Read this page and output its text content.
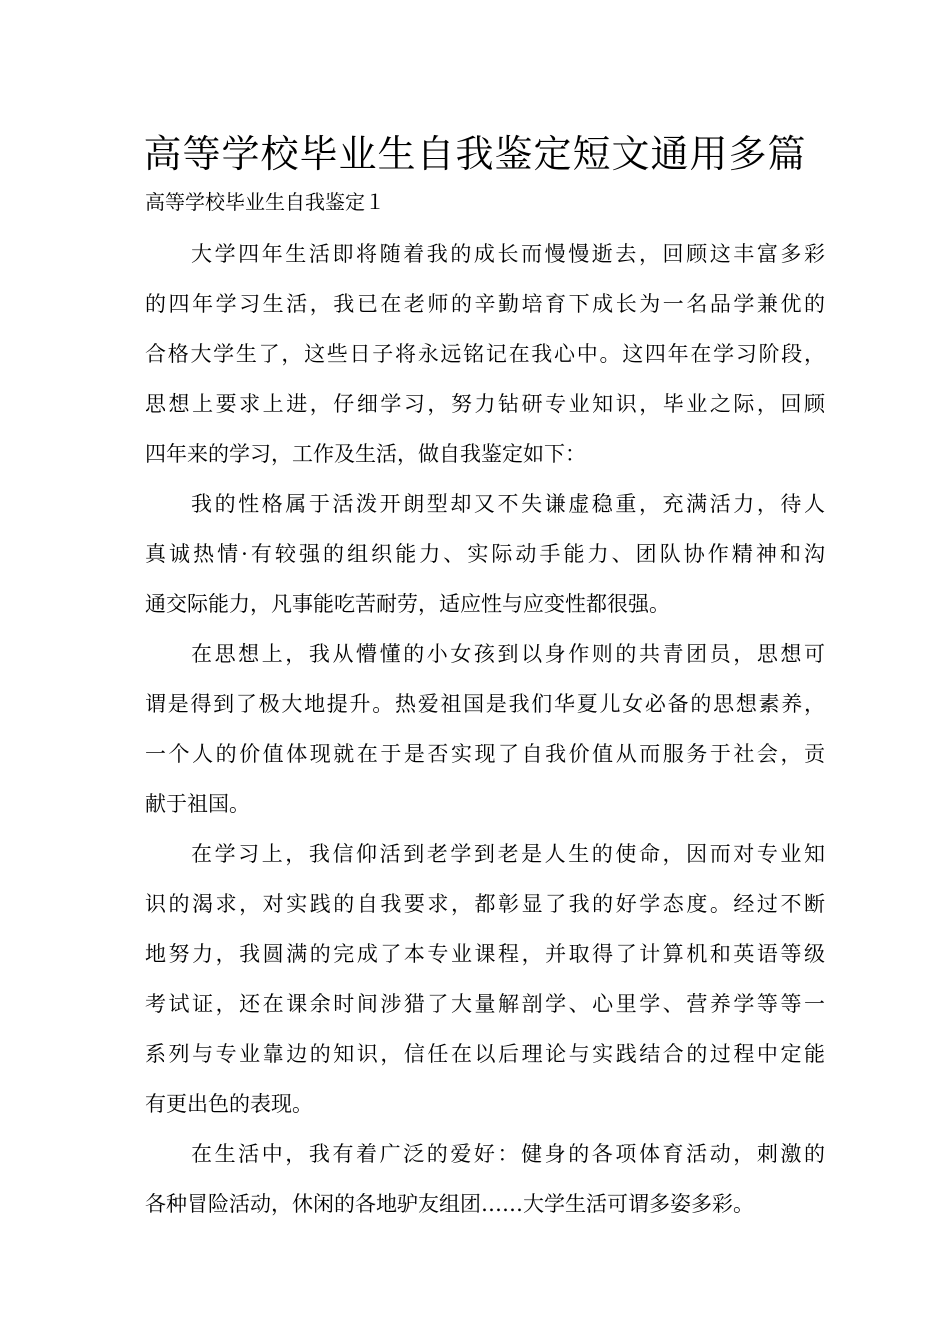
高等学校毕业生自我鉴定短文通用多篇

高等学校毕业生自我鉴定１

大学四年生活即将随着我的成长而慢慢逝去，回顾这丰富多彩
的四年学习生活，我已在老师的辛勤培育下成长为一名品学兼优的
合格大学生了，这些日子将永远铭记在我心中。这四年在学习阶段，
思想上要求上进，仔细学习，努力钻研专业知识，毕业之际，回顾
四年来的学习，工作及生活，做自我鉴定如下：
我的性格属于活泼开朗型却又不失谦虚稳重，充满活力，待人
真诚热情·有较强的组织能力、实际动手能力、团队协作精神和沟
通交际能力，凡事能吃苦耐劳，适应性与应变性都很强。
在思想上，我从懵懂的小女孩到以身作则的共青团员，思想可
谓是得到了极大地提升。热爱祖国是我们华夏儿女必备的思想素养，
一个人的价值体现就在于是否实现了自我价值从而服务于社会，贡
献于祖国。
在学习上，我信仰活到老学到老是人生的使命，因而对专业知
识的渴求，对实践的自我要求，都彰显了我的好学态度。经过不断
地努力，我圆满的完成了本专业课程，并取得了计算机和英语等级
考试证，还在课余时间涉猎了大量解剖学、心里学、营养学等等一
系列与专业靠边的知识，信任在以后理论与实践结合的过程中定能
有更出色的表现。
在生活中，我有着广泛的爱好：健身的各项体育活动，刺激的
各种冒险活动，休闲的各地驴友组团……大学生活可谓多姿多彩。
